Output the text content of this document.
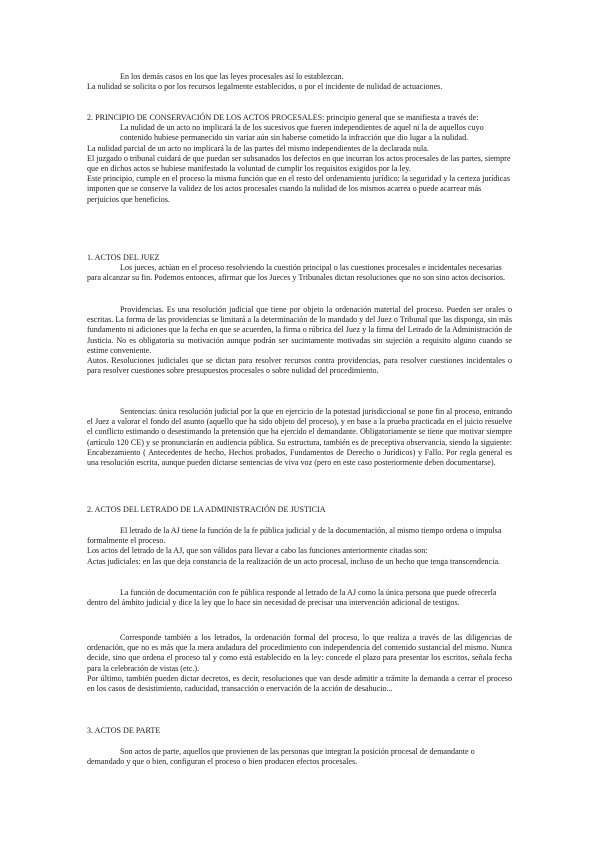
En los demás casos en los que las leyes procesales así lo establezcan.

La nulidad se solicita o por los recursos legalmente establecidos, o por el incidente de nulidad de actuaciones.

2. PRINCIPIO DE CONSERVACIÓN DE LOS ACTOS PROCESALES: principio general que se manifiesta a través de:

La nulidad de un acto no implicará la de los sucesivos que fueren independientes de aquel ni la de aquellos cuyo contenido hubiese permanecido sin variar aún sin haberse cometido la infracción que dio lugar a la nulidad.

La nulidad parcial de un acto no implicará la de las partes del mismo independientes de la declarada nula.

El juzgado o tribunal cuidará de que puedan ser subsanados los defectos en que incurran los actos procesales de las partes, siempre que en dichos actos se hubiese manifestado la voluntad de cumplir los requisitos exigidos por la ley.

Este principio, cumple en el proceso la misma función que en el resto del ordenamiento jurídico: la seguridad y la certeza jurídicas imponen que se conserve la validez de los actos procesales cuando la nulidad de los mismos acarrea o puede acarrear más perjuicios que beneficios.

1. ACTOS DEL JUEZ

Los jueces, actúan en el proceso resolviendo la cuestión principal o las cuestiones procesales e incidentales necesarias para alcanzar su fin. Podemos entonces, afirmar que los Jueces y Tribunales dictan resoluciones que no son sino actos decisorios.

Providencias. Es una resolución judicial que tiene por objeto la ordenación material del proceso. Pueden ser orales o escritas. La forma de las providencias se limitará a la determinación de lo mandado y del Juez o Tribunal que las disponga, sin más fundamento ni adiciones que la fecha en que se acuerden, la firma o rúbrica del Juez y la firma del Letrado de la Administración de Justicia. No es obligatoria su motivación aunque podrán ser sucintamente motivadas sin sujeción a requisito alguno cuando se estime conveniente.

Autos. Resoluciones judiciales que se dictan para resolver recursos contra providencias, para resolver cuestiones incidentales o para resolver cuestiones sobre presupuestos procesales o sobre nulidad del procedimiento.

Sentencias: única resolución judicial por la que en ejercicio de la potestad jurisdiccional se pone fin al proceso, entrando el Juez a valorar el fondo del asunto (aquello que ha sido objeto del proceso), y en base a la prueba practicada en el juicio resuelve el conflicto estimando o desestimando la pretensión que ha ejercido el demandante. Obligatoriamente se tiene que motivar siempre (artículo 120 CE) y se pronunciarán en audiencia pública. Su estructura, también es de preceptiva observancia, siendo la siguiente: Encabezamiento ( Antecedentes de hecho, Hechos probados, Fundamentos de Derecho o Jurídicos) y Fallo. Por regla general es una resolución escrita, aunque pueden dictarse sentencias de viva voz (pero en este caso posteriormente deben documentarse).

2. ACTOS DEL LETRADO DE LA ADMINISTRACIÓN DE JUSTICIA

El letrado de la AJ tiene la función de la fe pública judicial y de la documentación, al mismo tiempo ordena o impulsa formalmente el proceso.

Los actos del letrado de la AJ, que son válidos para llevar a cabo las funciones anteriormente citadas son:

Actas judiciales: en las que deja constancia de la realización de un acto procesal, incluso de un hecho que tenga transcendencia.

La función de documentación con fe pública responde al letrado de la AJ como la única persona que puede ofrecerla dentro del ámbito judicial y dice la ley que lo hace sin necesidad de precisar una intervención adicional de testigos.

Corresponde también a los letrados, la ordenación formal del proceso, lo que realiza a través de las diligencias de ordenación, que no es más que la mera andadura del procedimiento con independencia del contenido sustancial del mismo. Nunca decide, sino que ordena el proceso tal y como está establecido en la ley: concede el plazo para presentar los escritos, señala fecha para la celebración de vistas (etc.).

Por último, también pueden dictar decretos, es decir, resoluciones que van desde admitir a trámite la demanda a cerrar el proceso en los casos de desistimiento, caducidad, transacción o enervación de la acción de desahucio...

3. ACTOS DE PARTE

Son actos de parte, aquellos que provienen de las personas que integran la posición procesal de demandante o demandado y que o bien, configuran el proceso o bien producen efectos procesales.
